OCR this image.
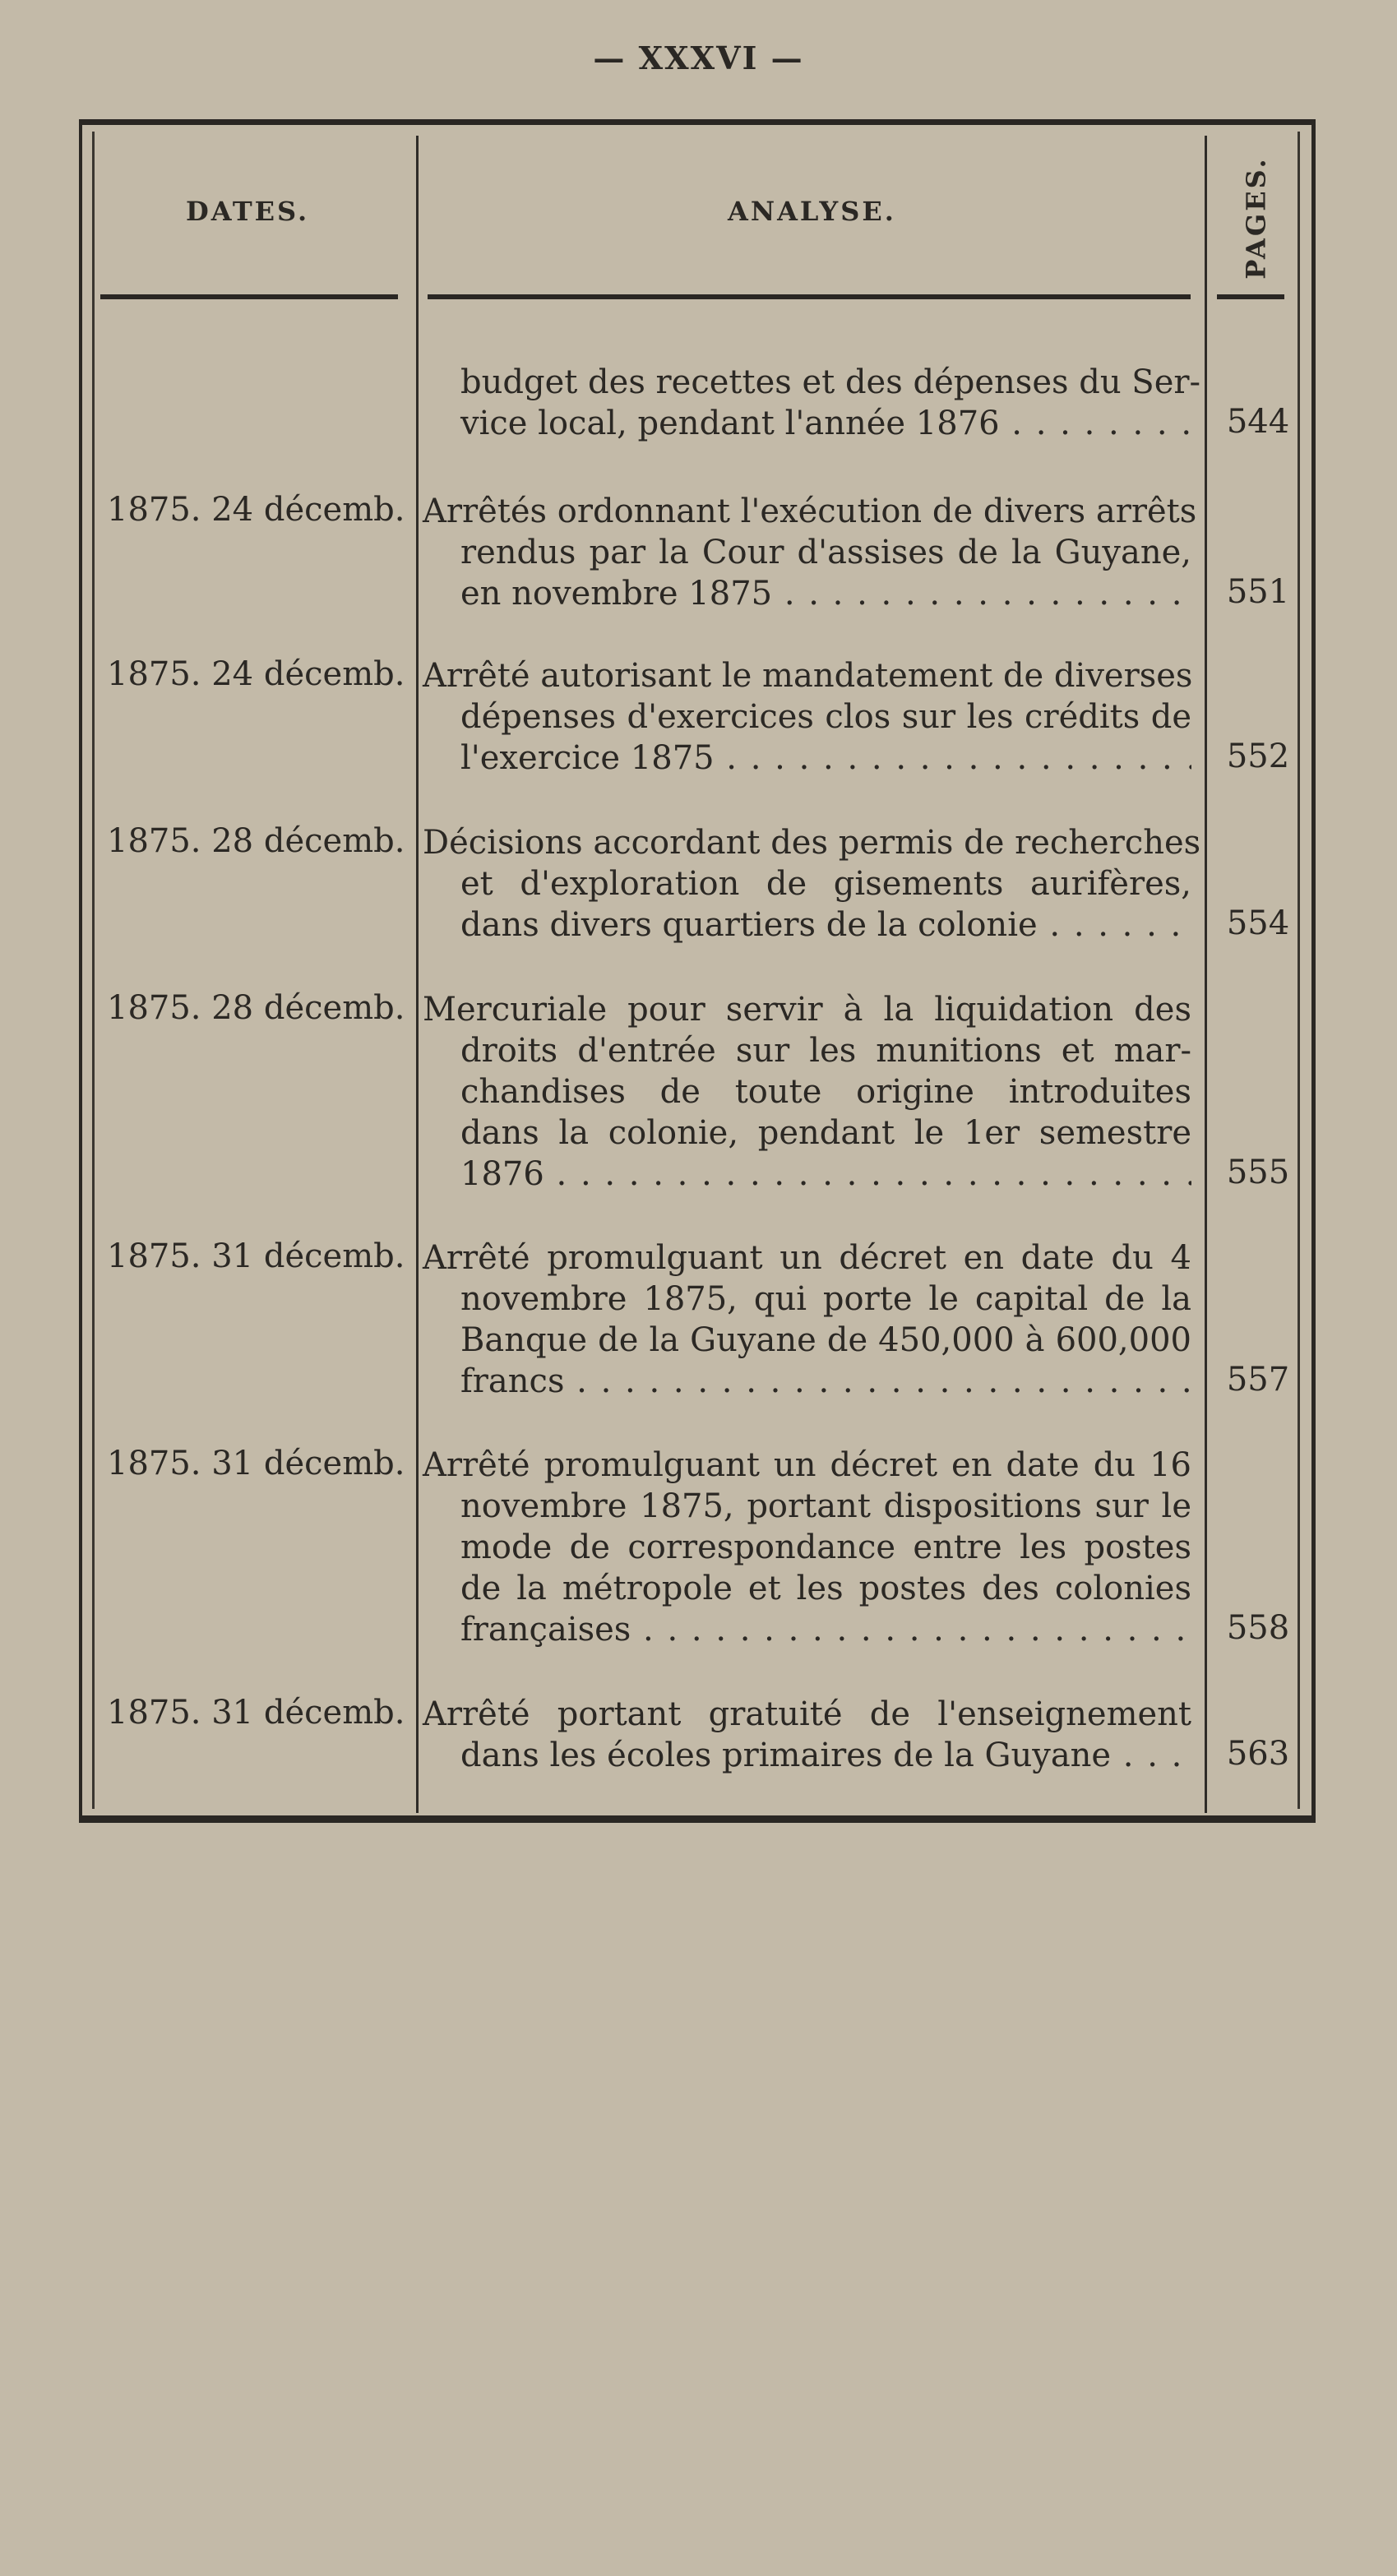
— XXXVI —
DATES.	ANALYSE.	PAGES.
budget des recettes et des dépenses du Ser-
vice local, pendant l'année 1876 . . .	544
1875. 24 décemb. Arrêtés ordonnant l'exécution de divers arrêts
rendus par la Cour d'assises de la Guyane,
en novembre 1875 . . .	551
1875. 24 décemb. Arrêté autorisant le mandatement de diverses
dépenses d'exercices clos sur les crédits de
l'exercice 1875 . . .	552
1875. 28 décemb. Décisions accordant des permis de recherches
et d'exploration de gisements aurifères,
dans divers quartiers de la colonie . . .	554
1875. 28 décemb. Mercuriale pour servir à la liquidation des
droits d'entrée sur les munitions et mar-
chandises de toute origine introduites
dans la colonie, pendant le 1er semestre
1876 . . .	555
1875. 31 décemb. Arrêté promulguant un décret en date du 4
novembre 1875, qui porte le capital de la
Banque de la Guyane de 450,000 à 600,000
francs . . .	557
1875. 31 décemb. Arrêté promulguant un décret en date du 16
novembre 1875, portant dispositions sur le
mode de correspondance entre les postes
de la métropole et les postes des colonies
françaises . . .	558
1875. 31 décemb. Arrêté portant gratuité de l'enseignement
dans les écoles primaires de la Guyane . . .	563
